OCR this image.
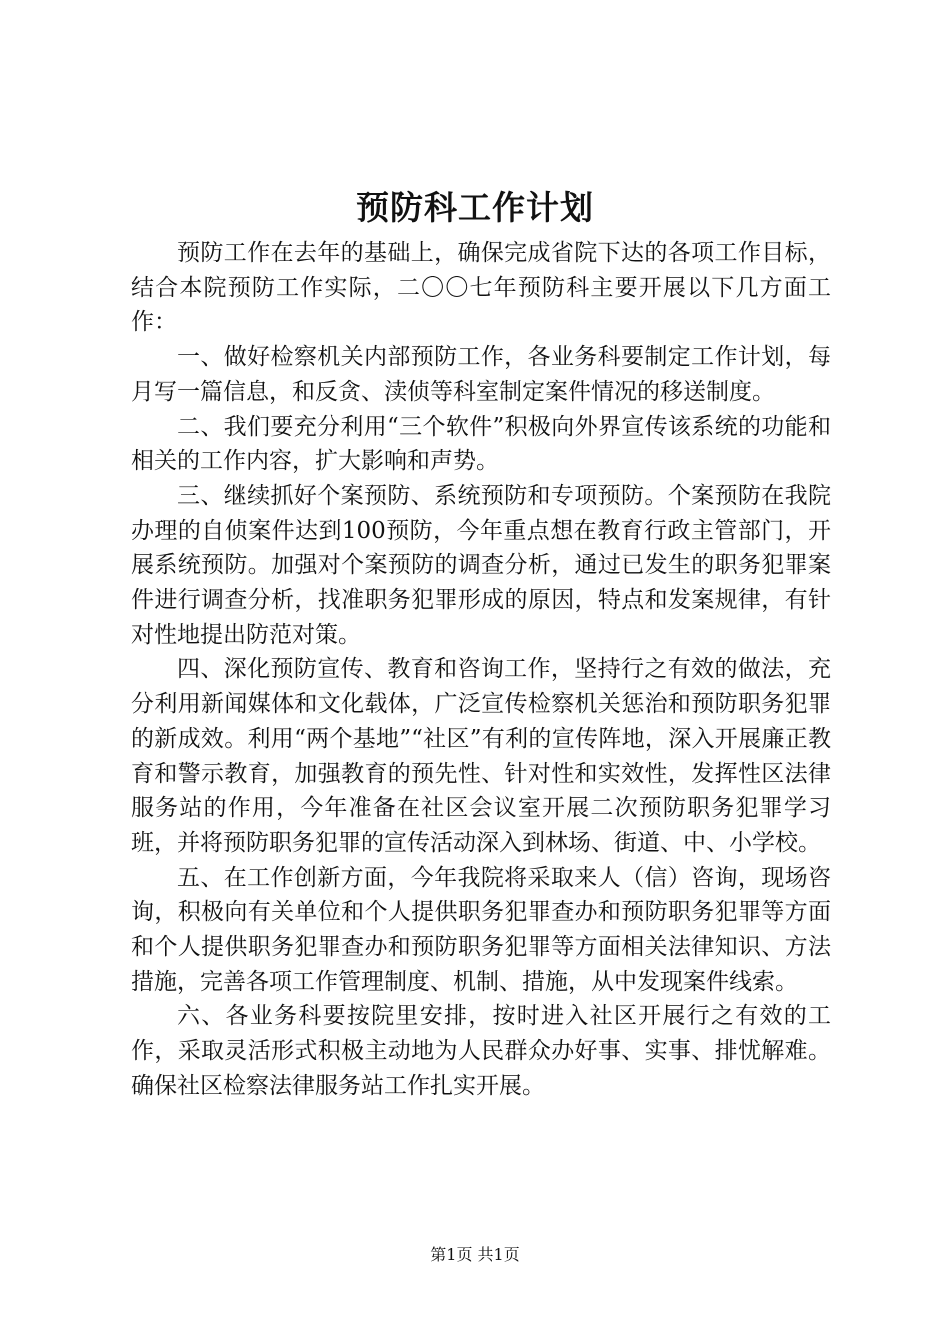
预防科工作计划

预防工作在去年的基础上，确保完成省院下达的各项工作目标，结合本院预防工作实际，二〇〇七年预防科主要开展以下几方面工作：

一、做好检察机关内部预防工作，各业务科要制定工作计划，每月写一篇信息，和反贪、渎侦等科室制定案件情况的移送制度。

二、我们要充分利用“三个软件”积极向外界宣传该系统的功能和相关的工作内容，扩大影响和声势。

三、继续抓好个案预防、系统预防和专项预防。个案预防在我院办理的自侦案件达到100预防，今年重点想在教育行政主管部门，开展系统预防。加强对个案预防的调查分析，通过已发生的职务犯罪案件进行调查分析，找准职务犯罪形成的原因，特点和发案规律，有针对性地提出防范对策。

四、深化预防宣传、教育和咨询工作，坚持行之有效的做法，充分利用新闻媒体和文化载体，广泛宣传检察机关惩治和预防职务犯罪的新成效。利用“两个基地”“社区”有利的宣传阵地，深入开展廉正教育和警示教育，加强教育的预先性、针对性和实效性，发挥性区法律服务站的作用，今年准备在社区会议室开展二次预防职务犯罪学习班，并将预防职务犯罪的宣传活动深入到林场、街道、中、小学校。

五、在工作创新方面，今年我院将采取来人（信）咨询，现场咨询，积极向有关单位和个人提供职务犯罪查办和预防职务犯罪等方面和个人提供职务犯罪查办和预防职务犯罪等方面相关法律知识、方法措施，完善各项工作管理制度、机制、措施，从中发现案件线索。

六、各业务科要按院里安排，按时进入社区开展行之有效的工作，采取灵活形式积极主动地为人民群众办好事、实事、排忧解难。确保社区检察法律服务站工作扎实开展。

第1页 共1页
